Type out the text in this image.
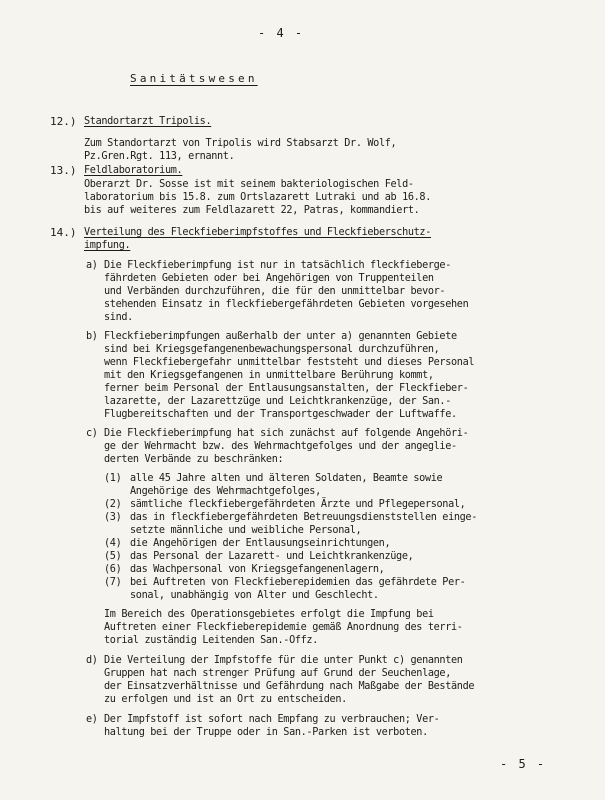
- 4 -
Sanitätswesen
12.) Standortarzt Tripolis.
Zum Standortarzt von Tripolis wird Stabsarzt Dr. Wolf,
Pz.Gren.Rgt. 113, ernannt.
13.) Feldlaboratorium.
Oberarzt Dr. Sosse ist mit seinem bakteriologischen Feld-
laboratorium bis 15.8. zum Ortslazarett Lutraki und ab 16.8.
bis auf weiteres zum Feldlazarett 22, Patras, kommandiert.
14.) Verteilung des Fleckfieberimpfstoffes und Fleckfieberschutz-
impfung.
a) Die Fleckfieberimpfung ist nur in tatsächlich fleckfieberge-
fährdeten Gebieten oder bei Angehörigen von Truppenteilen
und Verbänden durchzuführen, die für den unmittelbar bevor-
stehenden Einsatz in fleckfiebergefährdeten Gebieten vorgesehen
sind.
b) Fleckfieberimpfungen außerhalb der unter a) genannten Gebiete
sind bei Kriegsgefangenenbewachungspersonal durchzuführen,
wenn Fleckfiebergefahr unmittelbar feststeht und dieses Personal
mit den Kriegsgefangenen in unmittelbare Berührung kommt,
ferner beim Personal der Entlausungsanstalten, der Fleckfieber-
lazarette, der Lazarettzüge und Leichtkrankenzüge, der San.-
Flugbereitschaften und der Transportgeschwader der Luftwaffe.
c) Die Fleckfieberimpfung hat sich zunächst auf folgende Angehöri-
ge der Wehrmacht bzw. des Wehrmachtgefolges und der angeglie-
derten Verbände zu beschränken:
(1) alle 45 Jahre alten und älteren Soldaten, Beamte sowie
Angehörige des Wehrmachtgefolges,
(2) sämtliche fleckfiebergefährdeten Ärzte und Pflegepersonal,
(3) das in fleckfiebergefährdeten Betreuungsdienststellen einge-
setzte männliche und weibliche Personal,
(4) die Angehörigen der Entlausungseinrichtungen,
(5) das Personal der Lazarett- und Leichtkrankenzüge,
(6) das Wachpersonal von Kriegsgefangenenlagern,
(7) bei Auftreten von Fleckfieberepidemien das gefährdete Per-
sonal, unabhängig von Alter und Geschlecht.
Im Bereich des Operationsgebietes erfolgt die Impfung bei
Auftreten einer Fleckfieberepidemie gemäß Anordnung des terri-
torial zuständig Leitenden San.-Offz.
d) Die Verteilung der Impfstoffe für die unter Punkt c) genannten
Gruppen hat nach strenger Prüfung auf Grund der Seuchenlage,
der Einsatzverhältnisse und Gefährdung nach Maßgabe der Bestände
zu erfolgen und ist an Ort zu entscheiden.
e) Der Impfstoff ist sofort nach Empfang zu verbrauchen; Ver-
haltung bei der Truppe oder in San.-Parken ist verboten.
- 5 -
